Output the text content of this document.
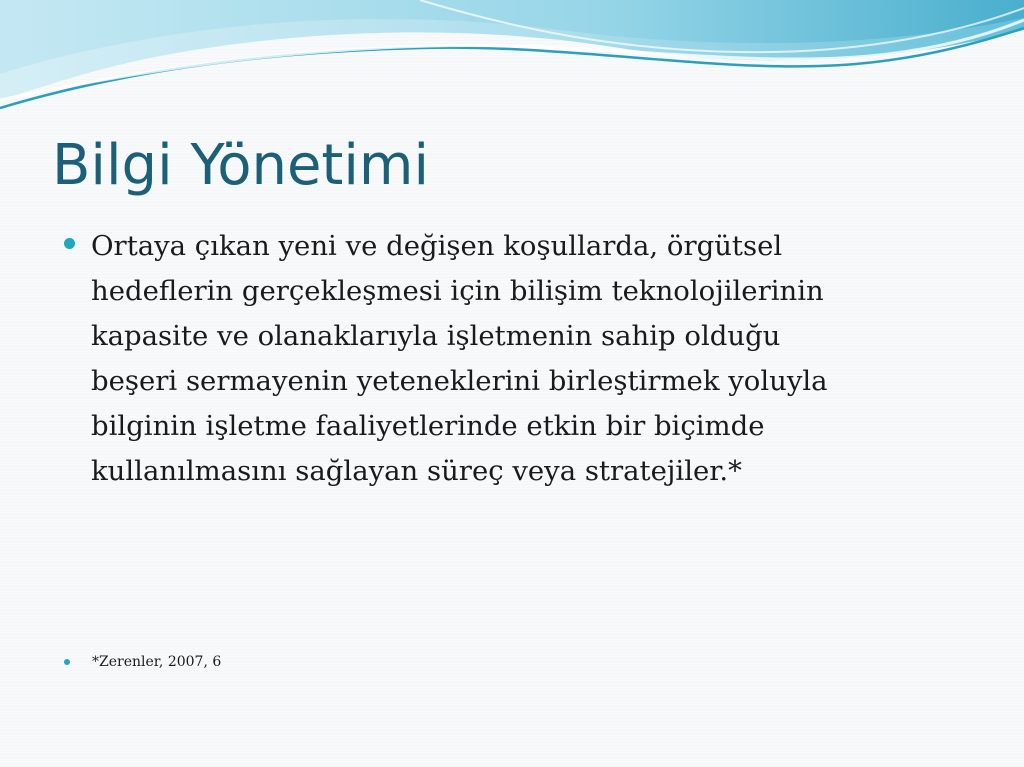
Bilgi Yönetimi

Ortaya çıkan yeni ve değişen koşullarda, örgütsel
hedeflerin gerçekleşmesi için bilişim teknolojilerinin
kapasite ve olanaklarıyla işletmenin sahip olduğu
beşeri sermayenin yeteneklerini birleştirmek yoluyla
bilginin işletme faaliyetlerinde etkin bir biçimde
kullanılmasını sağlayan süreç veya stratejiler.*

*Zerenler, 2007, 6
